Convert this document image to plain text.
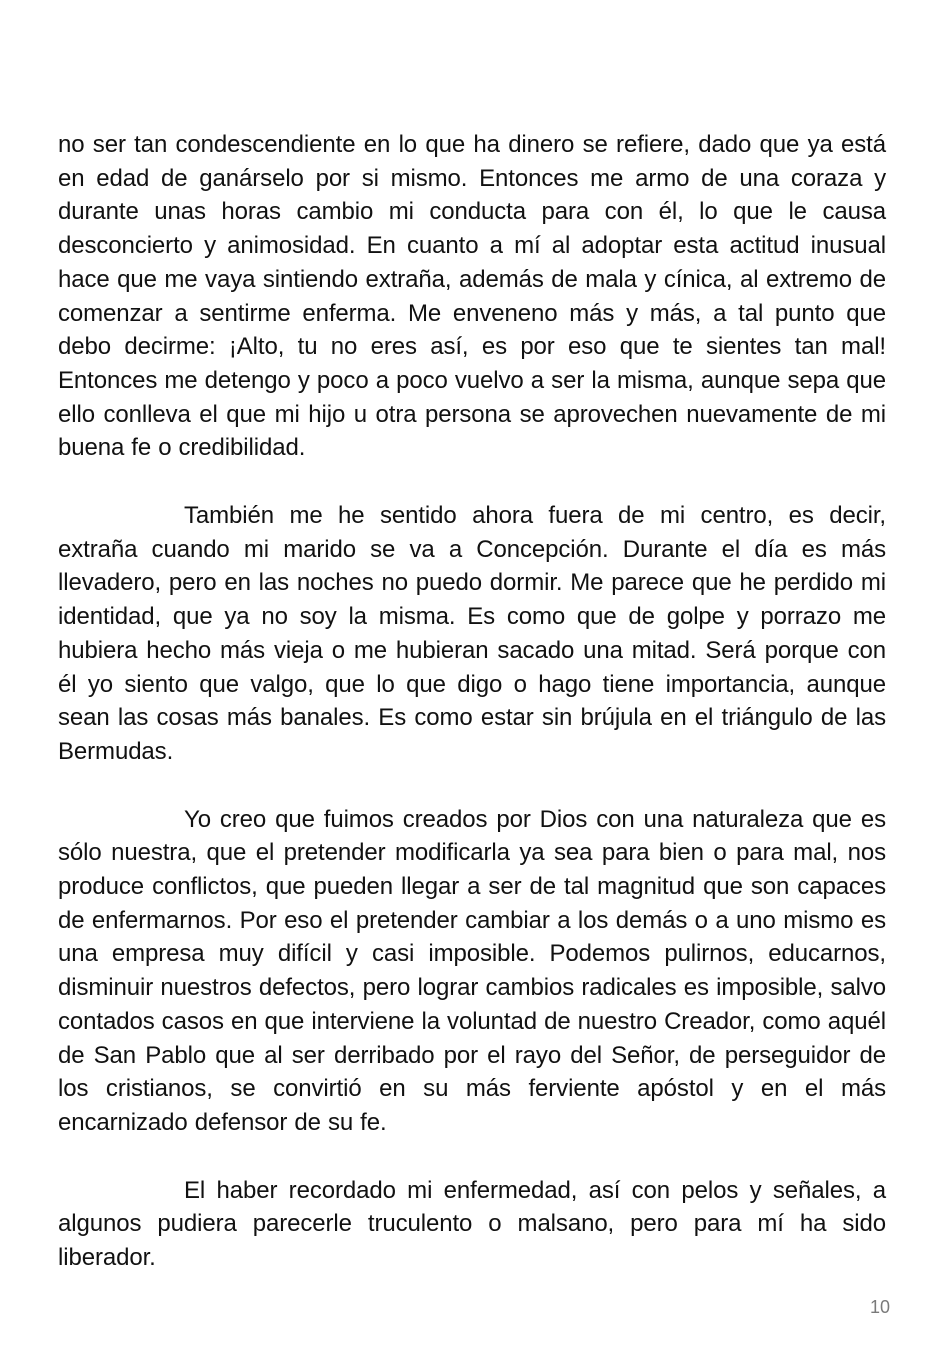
no ser tan condescendiente en lo que ha dinero se refiere, dado que ya está en edad de ganárselo por si mismo. Entonces me armo de una coraza y durante unas horas cambio mi conducta para con él, lo que le causa desconcierto y animosidad. En cuanto a mí al adoptar esta actitud inusual hace que me vaya sintiendo extraña, además de mala y cínica, al extremo de comenzar a sentirme enferma. Me enveneno más y más, a tal punto que debo decirme: ¡Alto, tu no eres así, es por eso que te sientes tan mal! Entonces me detengo y poco a poco vuelvo a ser la misma, aunque sepa que ello conlleva el que mi hijo u otra persona se aprovechen nuevamente de mi buena fe o credibilidad.

También me he sentido ahora fuera de mi centro, es decir, extraña cuando mi marido se va a Concepción. Durante el día es más llevadero, pero en las noches no puedo dormir. Me parece que he perdido mi identidad, que ya no soy la misma. Es como que de golpe y porrazo me hubiera hecho más vieja o me hubieran sacado una mitad. Será porque con él yo siento que valgo, que lo que digo o hago tiene importancia, aunque sean las cosas más banales. Es como estar sin brújula en el triángulo de las Bermudas.

Yo creo que fuimos creados por Dios con una naturaleza que es sólo nuestra, que el pretender modificarla ya sea para bien o para mal, nos produce conflictos, que pueden llegar a ser de tal magnitud que son capaces de enfermarnos. Por eso el pretender cambiar a los demás o a uno mismo es una empresa muy difícil y casi imposible. Podemos pulirnos, educarnos, disminuir nuestros defectos, pero lograr cambios radicales es imposible, salvo contados casos en que interviene la voluntad de nuestro Creador, como aquél de San Pablo que al ser derribado por el rayo del Señor, de perseguidor de los cristianos, se convirtió en su más ferviente apóstol y en el más encarnizado defensor de su fe.

El haber recordado mi enfermedad, así con pelos y señales, a algunos pudiera parecerle truculento o malsano, pero para mí ha sido liberador.

10
